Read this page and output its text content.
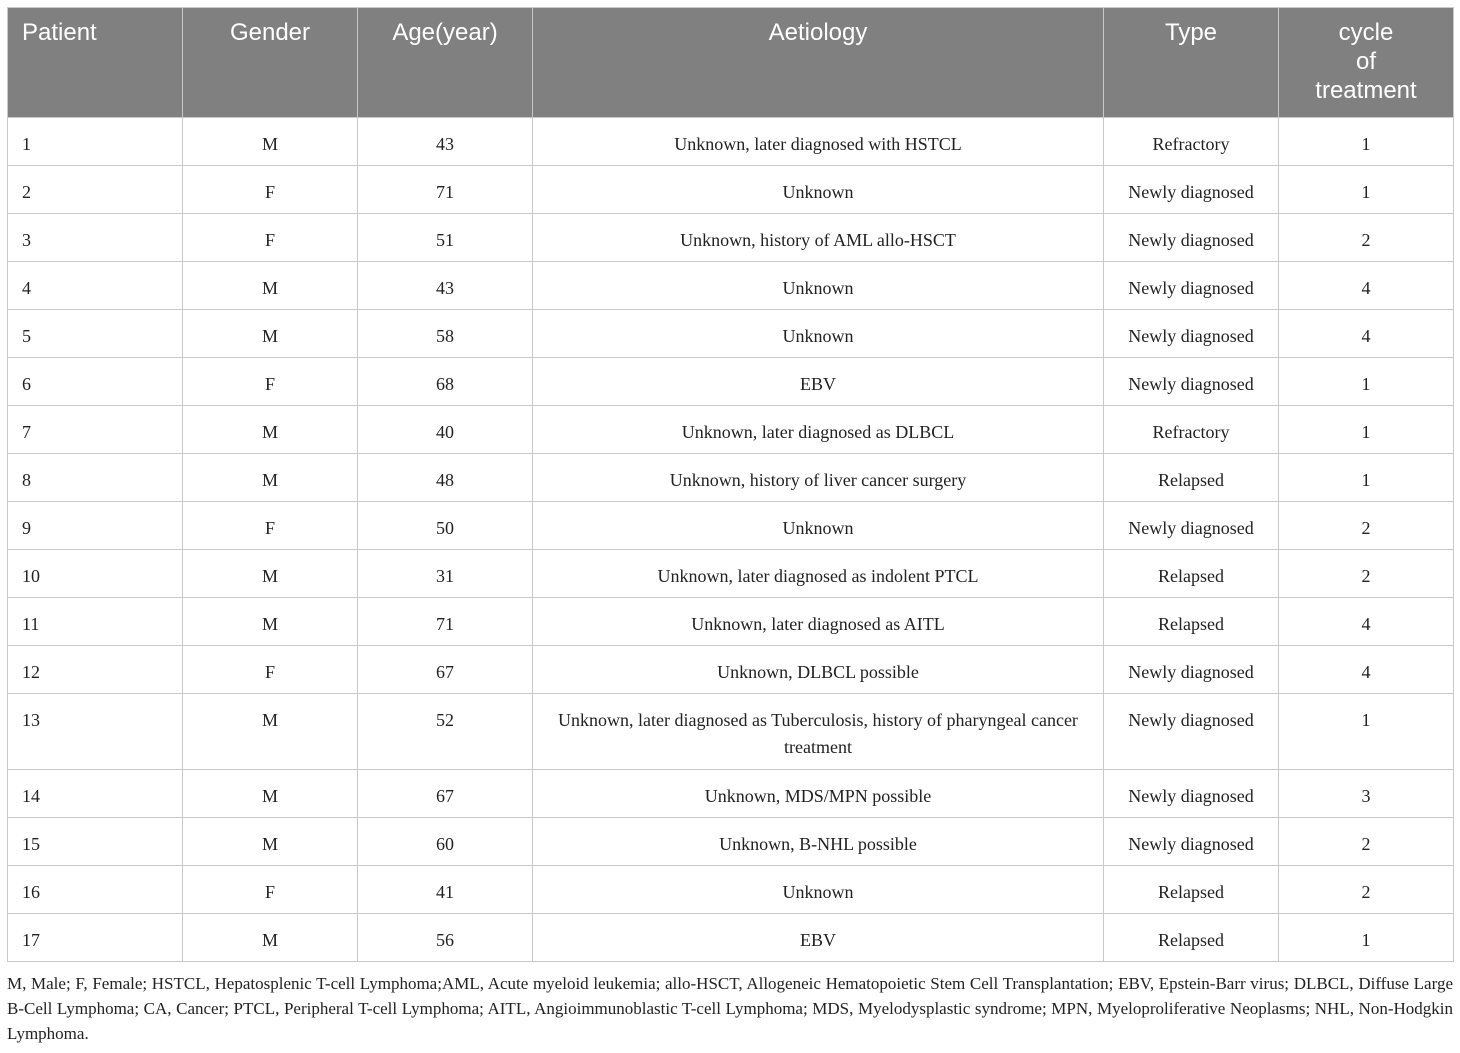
Patient	Gender	Age(year)	Aetiology	Type	cycle
of
treatment
1	M	43	Unknown, later diagnosed with HSTCL	Refractory	1
2	F	71	Unknown	Newly diagnosed	1
3	F	51	Unknown, history of AML allo-HSCT	Newly diagnosed	2
4	M	43	Unknown	Newly diagnosed	4
5	M	58	Unknown	Newly diagnosed	4
6	F	68	EBV	Newly diagnosed	1
7	M	40	Unknown, later diagnosed as DLBCL	Refractory	1
8	M	48	Unknown, history of liver cancer surgery	Relapsed	1
9	F	50	Unknown	Newly diagnosed	2
10	M	31	Unknown, later diagnosed as indolent PTCL	Relapsed	2
11	M	71	Unknown, later diagnosed as AITL	Relapsed	4
12	F	67	Unknown, DLBCL possible	Newly diagnosed	4
13	M	52	Unknown, later diagnosed as Tuberculosis, history of pharyngeal cancer treatment	Newly diagnosed	1
14	M	67	Unknown, MDS/MPN possible	Newly diagnosed	3
15	M	60	Unknown, B-NHL possible	Newly diagnosed	2
16	F	41	Unknown	Relapsed	2
17	M	56	EBV	Relapsed	1

M, Male; F, Female; HSTCL, Hepatosplenic T-cell Lymphoma;AML, Acute myeloid leukemia; allo-HSCT, Allogeneic Hematopoietic Stem Cell Transplantation; EBV, Epstein-Barr virus; DLBCL, Diffuse Large B-Cell Lymphoma; CA, Cancer; PTCL, Peripheral T-cell Lymphoma; AITL, Angioimmunoblastic T-cell Lymphoma; MDS, Myelodysplastic syndrome; MPN, Myeloproliferative Neoplasms; NHL, Non-Hodgkin Lymphoma.
